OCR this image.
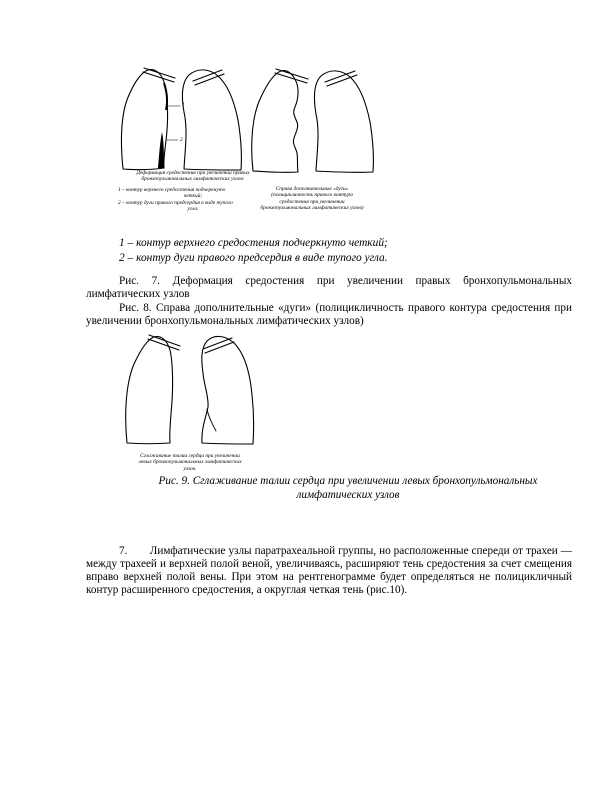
1
2

Деформация средостения при увеличении правых

бронхопульмональных лимфатических узлов:

1 – контур верхнего средостения подчеркнуто

четкий;

2 – контур дуги правого предсердия в виде тупого

угла.

Справа дополнительные «дуги»

(полицикличность правого контура

средостения при увеличении

бронхопульмональных лимфатических узлов)

1 – контур верхнего средостения подчеркнуто четкий;

2 – контур дуги правого предсердия в виде тупого угла.

Рис. 7. Деформация средостения при увеличении правых бронхопульмональных лимфатических узлов

Рис. 8. Справа дополнительные «дуги» (полицикличность правого контура средостения при увеличении бронхопульмональных лимфатических узлов)

Сглаживание талии сердца при увеличении

левых бронхопульмональных лимфатических

узлов.

Рис. 9. Сглаживание талии сердца при увеличении левых бронхопульмональных лимфатических узлов

7.  Лимфатические узлы паратрахеальной группы, но расположенные спереди от трахеи — между трахеей и верхней полой веной, увеличиваясь, расширяют тень средостения за счет смещения вправо верхней полой вены. При этом на рентгенограмме будет определяться не полицикличный контур расширенного средостения, а округлая четкая тень (рис.10).
